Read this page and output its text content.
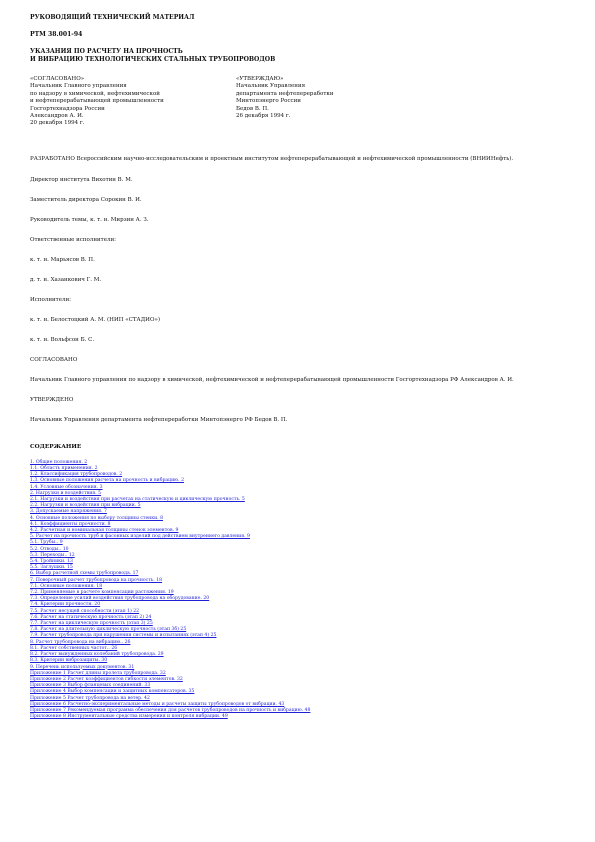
РУКОВОДЯЩИЙ ТЕХНИЧЕСКИЙ МАТЕРИАЛ

РТМ 38.001-94

УКАЗАНИЯ ПО РАСЧЕТУ НА ПРОЧНОСТЬ

И ВИБРАЦИЮ ТЕХНОЛОГИЧЕСКИХ СТАЛЬНЫХ ТРУБОПРОВОДОВ

«СОГЛАСОВАНО»

Начальник Главного управления

по надзору в химической, нефтехимической

и нефтеперерабатывающей промышленности

Госгортехнадзора России

Александров А. И.

20 декабря 1994 г.

«УТВЕРЖДАЮ»

Начальник Управления

департамента нефтепереработки

Минтопэнерго России

Бедов В. П.

26 декабря 1994 г.

РАЗРАБОТАНО Всероссийским научно-исследовательским и проектным институтом нефтеперерабатывающей и нефтехимической промышленности (ВНИИНефть).

Директор института Вихотин В. М.

Заместитель директора Сорокин В. И.

Руководитель темы, к. т. н. Мирзин А. З.

Ответственные исполнители:

к. т. н. Марьясов В. П.

д. т. н. Хазанкович Г. М.

Исполнители:

к. т. н. Белостоцкий А. М. (НИП «СТАДИО»)

к. т. н. Вольфсон Б. С.

СОГЛАСОВАНО

Начальник Главного управления по надзору в химической, нефтехимической и нефтеперерабатывающей промышленности Госгортехнадзора РФ Александров А. И.

УТВЕРЖДЕНО

Начальник Управления департамента нефтепереработки Минтопэнерго РФ Бедов В. П.

СОДЕРЖАНИЕ

1. Общие положения. 2
1.1. Область применения. 2
1.2. Классификация трубопроводов. 2
1.3. Основные положения расчета на прочность и вибрацию. 2
1.4. Условные обозначения. 3
2. Нагрузки и воздействия. 5
2.1. Нагрузки и воздействия при расчетах на статическую и циклическую прочность. 5
2.2. Нагрузки и воздействия при вибрации. 5
3. Допускаемые напряжения. 7
4. Основные положения по выбору толщины стенки. 8
4.1. Коэффициенты прочности. 8
4.2. Расчетная и номинальная толщины стенок элементов. 9
5. Расчет на прочность труб и фасонных изделий под действием внутреннего давления. 9
5.1. Трубы.. 9
5.2. Отводы.. 10
5.3. Переходы.. 12
5.4. Тройники. 13
5.5. Заглушки. 15
6. Выбор расчетной схемы трубопровода. 17
7. Поверочный расчет трубопровода на прочность. 18
7.1. Основные положения. 18
7.2. Применяемые в расчете компенсации растяжения. 19
7.3. Определение усилий воздействия трубопровода на оборудование. 20
7.4. Критерии прочности. 20
7.5. Расчет несущей способности (этап 1) 22
7.6. Расчет на статическую прочность (этап 2) 24
7.7. Расчет на циклическую прочность (этап 3) 25
7.8. Расчет на длительную циклическую прочность (этап 3б) 25
7.9. Расчет трубопровода при нарушении системы и испытаниях (этап 4) 25
8. Расчет трубопровода на вибрацию.. 26
8.1. Расчет собственных частот.. 26
8.2. Расчет вынужденных колебаний трубопровода. 29
8.3. Критерии виброзащиты. 30
9. Перечень используемых документов. 31
Приложение 1 Расчет длины пролета трубопровода. 32
Приложение 2 Расчет коэффициентов гибкости элементов. 32
Приложение 3 Выбор фланцевых соединений. 33
Приложение 4 Выбор компенсации и защитных компенсаторов. 35
Приложение 5 Расчет трубопровода на ветер. 42
Приложение 6 Расчетно-экспериментальные методы и расчеты защиты трубопроводов от вибрации. 43
Приложение 7 Рекомендуемая программа обеспечения для расчетов трубопроводов на прочность и вибрацию. 48
Приложение 8 Инструментальные средства измерения и контроля вибрации. 49
